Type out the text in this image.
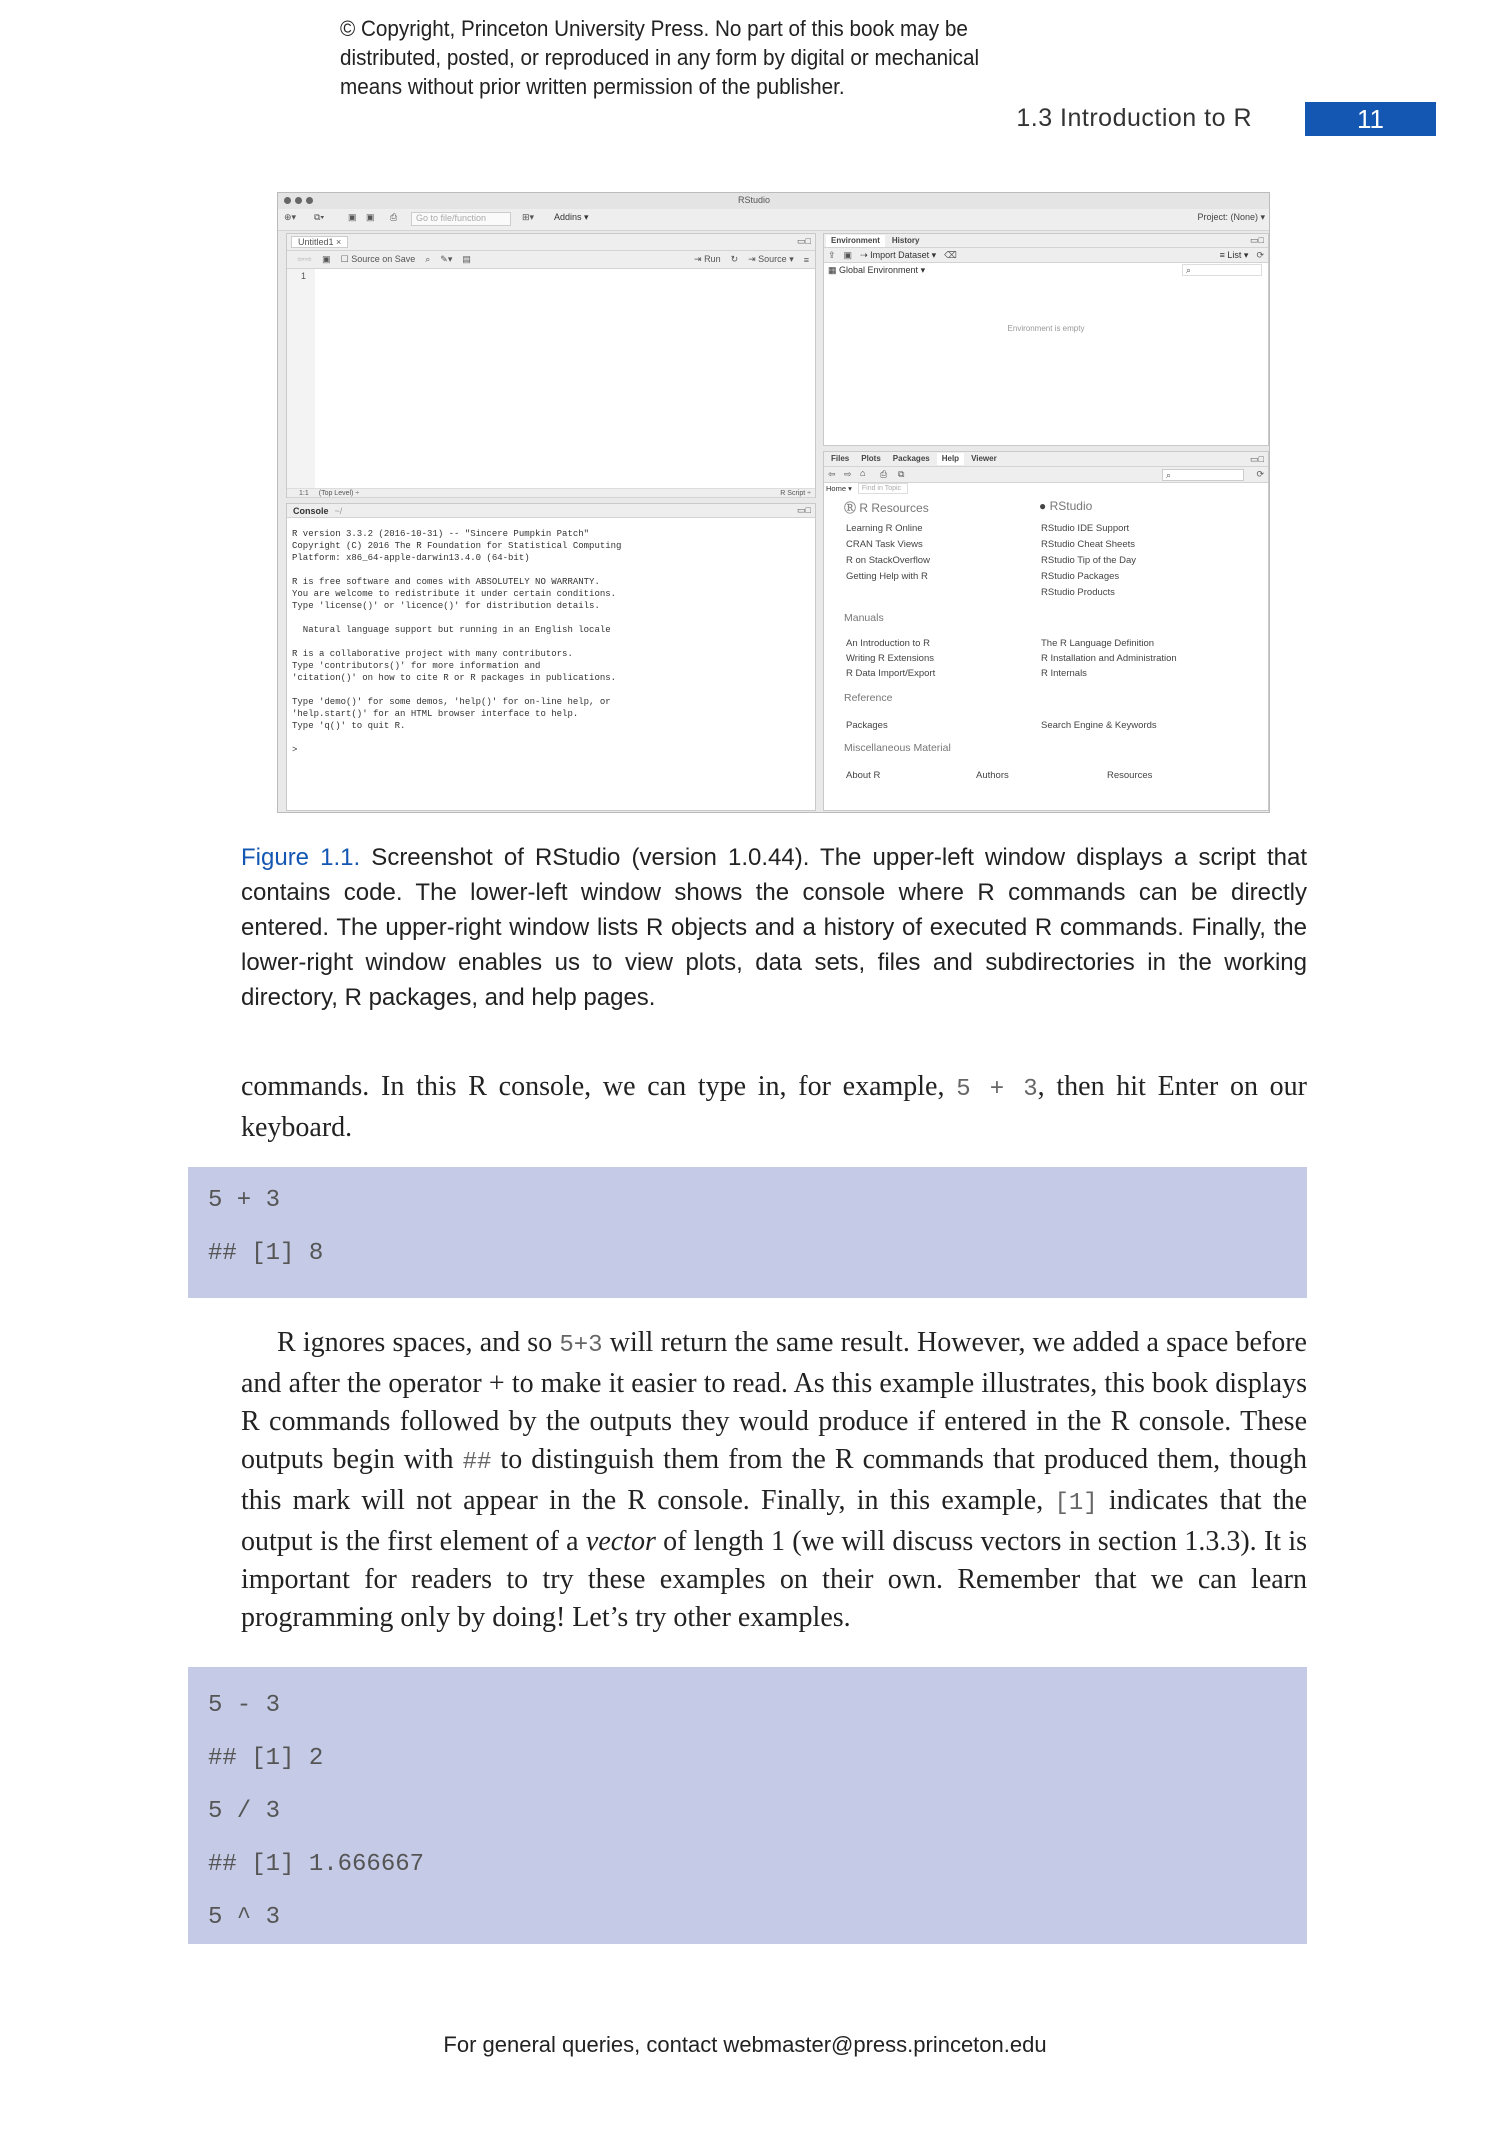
© Copyright, Princeton University Press. No part of this book may be
distributed, posted, or reproduced in any form by digital or mechanical
means without prior written permission of the publisher.
1.3 Introduction to R	11
RStudio
⊕▾ ⧉▾	▣ ▣ ⎙	Go to file/function	⊞▾ Addins ▾	Project: (None) ▾
Untitled1 ×	▭□
⇦⇨ ▣ ☐ Source on Save ⌕ ✎▾ ▤	⇥ Run ↻ ⇥ Source ▾ ≡
1
1:1 (Top Level) ÷	R Script ÷
Console ~/	▭□
R version 3.3.2 (2016-10-31) -- "Sincere Pumpkin Patch"
Copyright (C) 2016 The R Foundation for Statistical Computing
Platform: x86_64-apple-darwin13.4.0 (64-bit)
R is free software and comes with ABSOLUTELY NO WARRANTY.
You are welcome to redistribute it under certain conditions.
Type 'license()' or 'licence()' for distribution details.
Natural language support but running in an English locale
R is a collaborative project with many contributors.
Type 'contributors()' for more information and
'citation()' on how to cite R or R packages in publications.
Type 'demo()' for some demos, 'help()' for on-line help, or
'help.start()' for an HTML browser interface to help.
Type 'q()' to quit R.
>
Environment	History	▭□
⇪ ▣ ⇢ Import Dataset ▾ ⌫	≡ List ▾ ⟳
▦ Global Environment ▾	⌕
Environment is empty
Files	Plots	Packages	Help	Viewer	▭□
⇦ ⇨ ⌂ ⎙ ⧉	⌕	⟳
Home ▾	Find in Topic
Ⓡ R Resources
Learning R Online
CRAN Task Views
R on StackOverflow
Getting Help with R
● RStudio
RStudio IDE Support
RStudio Cheat Sheets
RStudio Tip of the Day
RStudio Packages
RStudio Products
Manuals
An Introduction to R
Writing R Extensions
R Data Import/Export
The R Language Definition
R Installation and Administration
R Internals
Reference
Packages	Search Engine & Keywords
Miscellaneous Material
About R	Authors	Resources
Figure 1.1. Screenshot of RStudio (version 1.0.44). The upper-left window displays a script that contains code. The lower-left window shows the console where R commands can be directly entered. The upper-right window lists R objects and a history of executed R commands. Finally, the lower-right window enables us to view plots, data sets, files and subdirectories in the working directory, R packages, and help pages.
commands. In this R console, we can type in, for example, 5 + 3, then hit Enter on our keyboard.
5 + 3
## [1] 8
R ignores spaces, and so 5+3 will return the same result. However, we added a space before and after the operator + to make it easier to read. As this example illustrates, this book displays R commands followed by the outputs they would produce if entered in the R console. These outputs begin with ## to distinguish them from the R commands that produced them, though this mark will not appear in the R console. Finally, in this example, [1] indicates that the output is the first element of a vector of length 1 (we will discuss vectors in section 1.3.3). It is important for readers to try these examples on their own. Remember that we can learn programming only by doing! Let’s try other examples.
5 - 3
## [1] 2
5 / 3
## [1] 1.666667
5 ^ 3
For general queries, contact webmaster@press.princeton.edu
